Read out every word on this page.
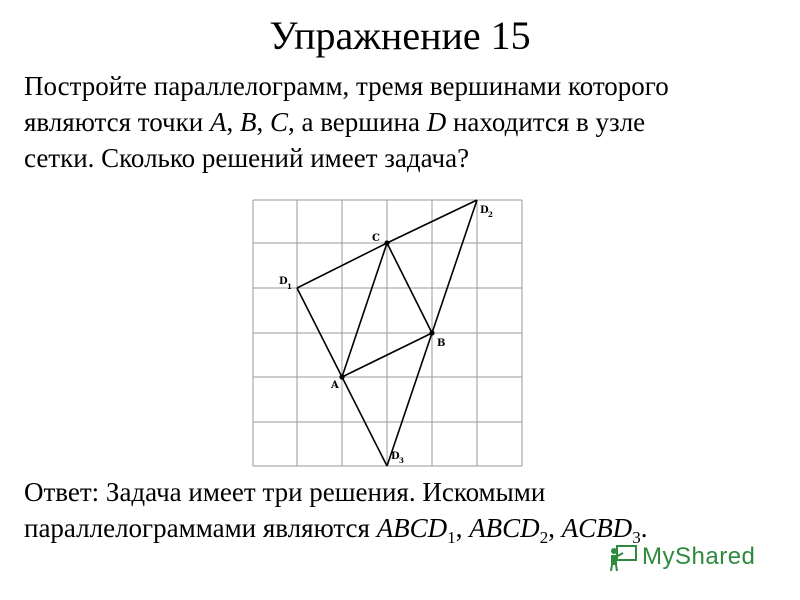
Упражнение 15
Постройте параллелограмм, тремя вершинами которого
являются точки A, B, C, а вершина D находится в узле
сетки. Сколько решений имеет задача?
A
B
C
D 1
D 2
D 3
Ответ: Задача имеет три решения. Искомыми
параллелограммами являются $ABCD_1$, $ABCD_2$, $ACBD_3$.
MyShared
